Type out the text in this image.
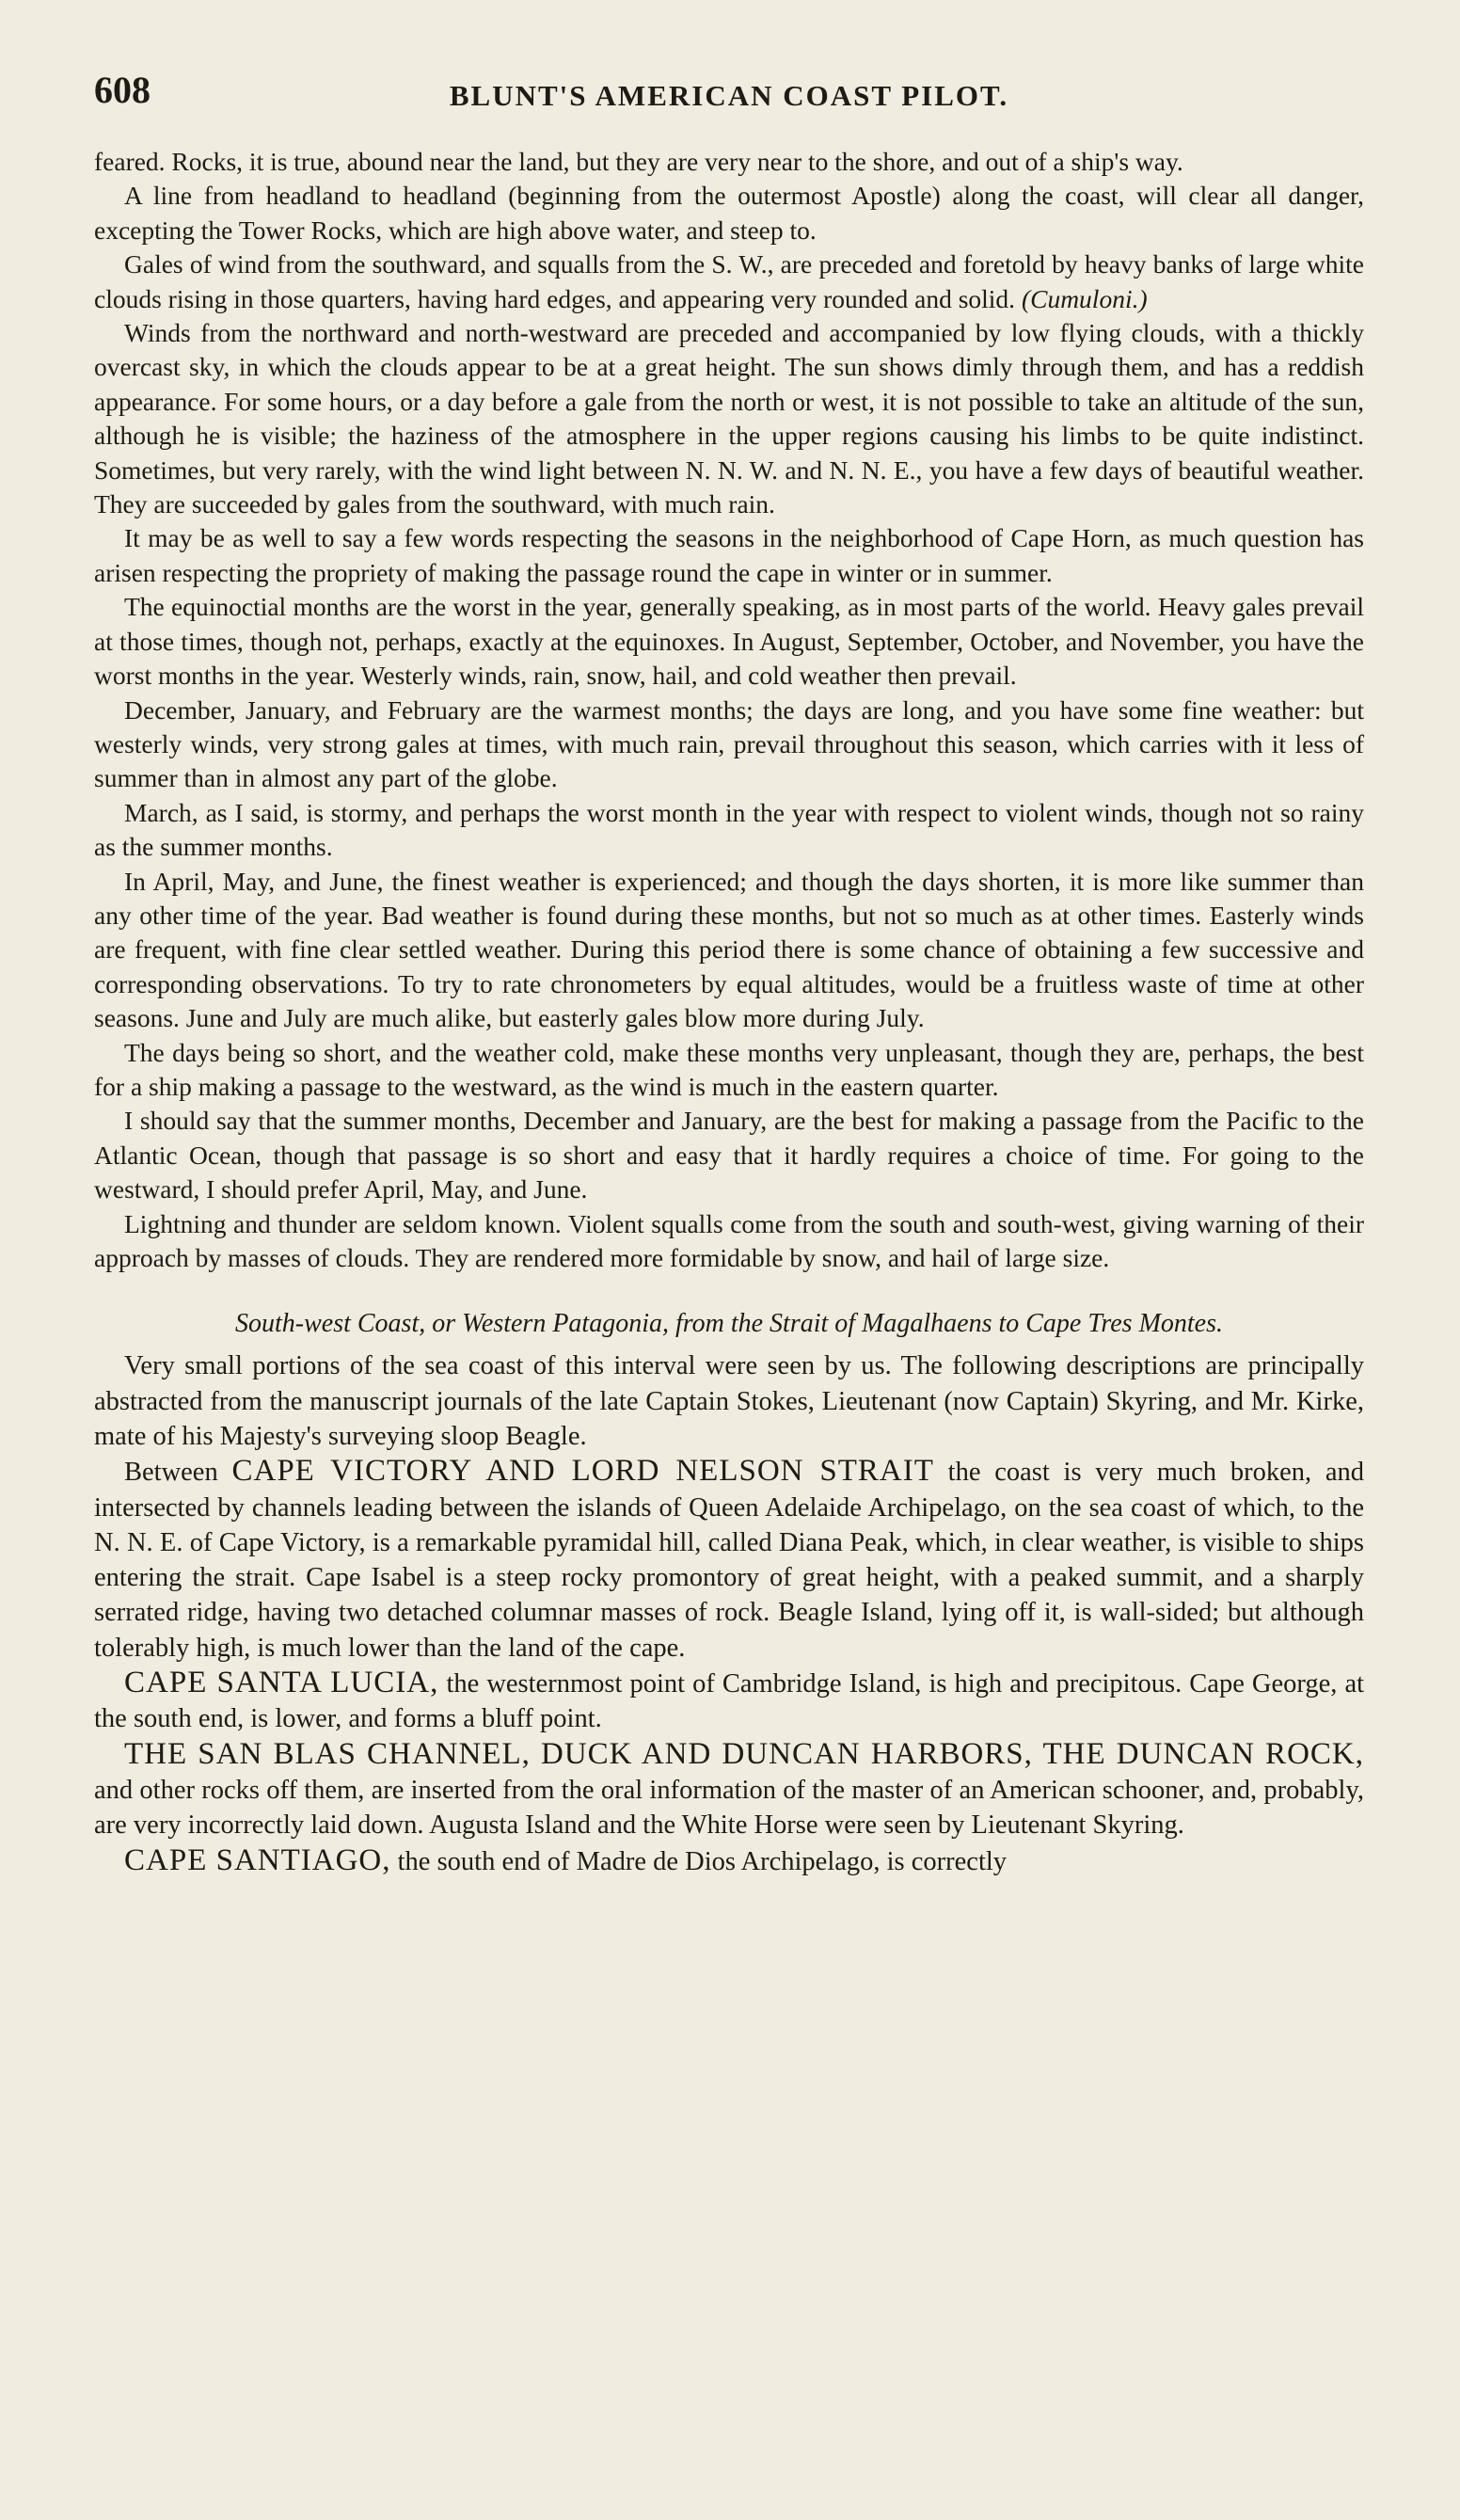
608	BLUNT'S AMERICAN COAST PILOT.

feared. Rocks, it is true, abound near the land, but they are very near to the shore, and out of a ship's way.

A line from headland to headland (beginning from the outermost Apostle) along the coast, will clear all danger, excepting the Tower Rocks, which are high above water, and steep to.

Gales of wind from the southward, and squalls from the S. W., are preceded and foretold by heavy banks of large white clouds rising in those quarters, having hard edges, and appearing very rounded and solid. (Cumuloni.)

Winds from the northward and north-westward are preceded and accompanied by low flying clouds, with a thickly overcast sky, in which the clouds appear to be at a great height. The sun shows dimly through them, and has a reddish appearance. For some hours, or a day before a gale from the north or west, it is not possible to take an altitude of the sun, although he is visible; the haziness of the atmosphere in the upper regions causing his limbs to be quite indistinct. Sometimes, but very rarely, with the wind light between N. N. W. and N. N. E., you have a few days of beautiful weather. They are succeeded by gales from the southward, with much rain.

It may be as well to say a few words respecting the seasons in the neighborhood of Cape Horn, as much question has arisen respecting the propriety of making the passage round the cape in winter or in summer.

The equinoctial months are the worst in the year, generally speaking, as in most parts of the world. Heavy gales prevail at those times, though not, perhaps, exactly at the equinoxes. In August, September, October, and November, you have the worst months in the year. Westerly winds, rain, snow, hail, and cold weather then prevail.

December, January, and February are the warmest months; the days are long, and you have some fine weather: but westerly winds, very strong gales at times, with much rain, prevail throughout this season, which carries with it less of summer than in almost any part of the globe.

March, as I said, is stormy, and perhaps the worst month in the year with respect to violent winds, though not so rainy as the summer months.

In April, May, and June, the finest weather is experienced; and though the days shorten, it is more like summer than any other time of the year. Bad weather is found during these months, but not so much as at other times. Easterly winds are frequent, with fine clear settled weather. During this period there is some chance of obtaining a few successive and corresponding observations. To try to rate chronometers by equal altitudes, would be a fruitless waste of time at other seasons. June and July are much alike, but easterly gales blow more during July.

The days being so short, and the weather cold, make these months very unpleasant, though they are, perhaps, the best for a ship making a passage to the westward, as the wind is much in the eastern quarter.

I should say that the summer months, December and January, are the best for making a passage from the Pacific to the Atlantic Ocean, though that passage is so short and easy that it hardly requires a choice of time. For going to the westward, I should prefer April, May, and June.

Lightning and thunder are seldom known. Violent squalls come from the south and south-west, giving warning of their approach by masses of clouds. They are rendered more formidable by snow, and hail of large size.

South-west Coast, or Western Patagonia, from the Strait of Magalhaens to Cape Tres Montes.

Very small portions of the sea coast of this interval were seen by us. The following descriptions are principally abstracted from the manuscript journals of the late Captain Stokes, Lieutenant (now Captain) Skyring, and Mr. Kirke, mate of his Majesty's surveying sloop Beagle.

Between CAPE VICTORY AND LORD NELSON STRAIT the coast is very much broken, and intersected by channels leading between the islands of Queen Adelaide Archipelago, on the sea coast of which, to the N. N. E. of Cape Victory, is a remarkable pyramidal hill, called Diana Peak, which, in clear weather, is visible to ships entering the strait. Cape Isabel is a steep rocky promontory of great height, with a peaked summit, and a sharply serrated ridge, having two detached columnar masses of rock. Beagle Island, lying off it, is wall-sided; but although tolerably high, is much lower than the land of the cape.

CAPE SANTA LUCIA, the westernmost point of Cambridge Island, is high and precipitous. Cape George, at the south end, is lower, and forms a bluff point.

THE SAN BLAS CHANNEL, DUCK AND DUNCAN HARBORS, THE DUNCAN ROCK, and other rocks off them, are inserted from the oral information of the master of an American schooner, and, probably, are very incorrectly laid down. Augusta Island and the White Horse were seen by Lieutenant Skyring.

CAPE SANTIAGO, the south end of Madre de Dios Archipelago, is correctly
